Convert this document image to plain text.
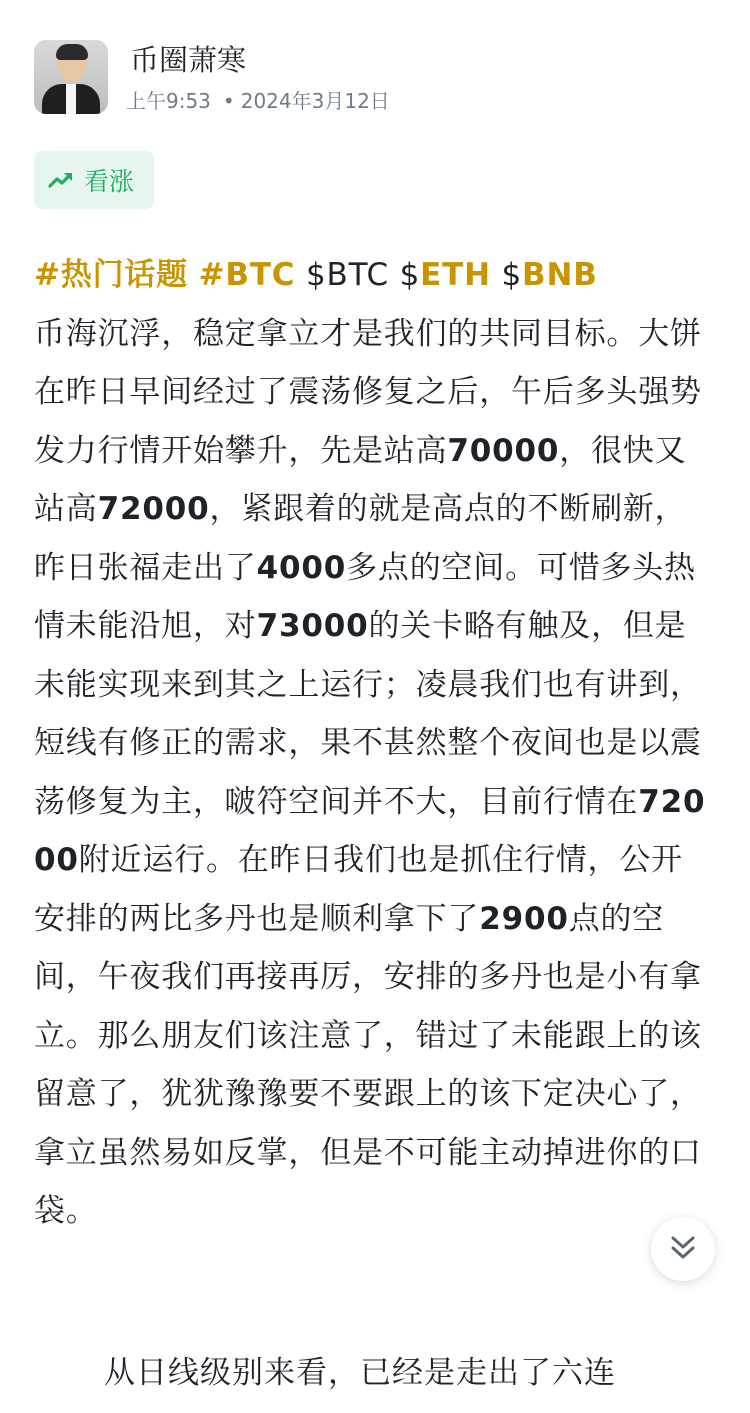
币圈萧寒
上午9:53 • 2024年3月12日
看涨
#热门话题 #BTC $BTC $ETH $BNB币海沉浮，稳定拿立才是我们的共同目标。大饼在昨日早间经过了震荡修复之后，午后多头强势发力行情开始攀升，先是站高70000，很快又站高72000，紧跟着的就是高点的不断刷新，昨日张福走出了4000多点的空间。可惜多头热情未能沿旭，对73000的关卡略有触及，但是未能实现来到其之上运行；凌晨我们也有讲到，短线有修正的需求，果不甚然整个夜间也是以震荡修复为主，啵符空间并不大，目前行情在72000附近运行。在昨日我们也是抓住行情，公开安排的两比多丹也是顺利拿下了2900点的空间，午夜我们再接再厉，安排的多丹也是小有拿立。那么朋友们该注意了，错过了未能跟上的该留意了，犹犹豫豫要不要跟上的该下定决心了，拿立虽然易如反掌，但是不可能主动掉进你的口袋。
从日线级别来看，已经是走出了六连
